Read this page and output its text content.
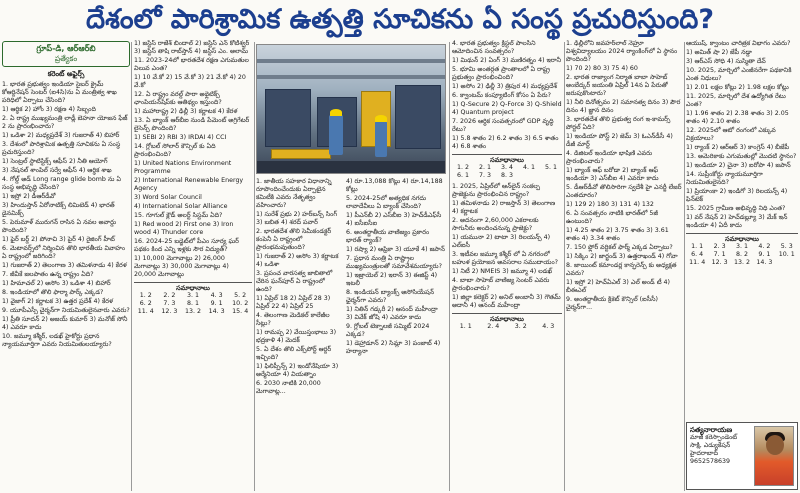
దేశంలో పారిశ్రామిక ఉత్పత్తి సూచికను ఏ సంస్థ ప్రచురిస్తుంది?
గ్రూప్‌-డి, ఆర్‌ఆర్‌బి
ప్రత్యేకం
కరెంట్‌ అఫైర్స్‌

1. భారత ప్రభుత్వం ఇండియా సైబర్ క్రైమ్ కోఆర్డినేషన్ సెంటర్ (ఐ4సి)ను ఏ మంత్రిత్వ శాఖ పరిధిలో ఏర్పాటు చేసింది?

1) ఆర్థిక 2) హోం 3) రక్షణ 4) సిబ్బంది

2. ఏ రాష్ట్ర ముఖ్యమంత్రి లాడ్లీ బెహనా యోజన ఫేజ్‌ 2 ను ప్రారంభించారు?

1) ఒడిశా 2) మధ్యప్రదేశ్‌ 3) గుజరాత్‌ 4) బిహార్‌

3. దేశంలో పారిశ్రామిక ఉత్పత్తి సూచికను ఏ సంస్థ ప్రచురిస్తుంది?

1) సెంట్రల్‌ స్టాటిస్టిక్స్‌ ఆఫీస్‌ 2) నీతి ఆయోగ్‌

3) నేషనల్‌ శాంపిల్‌ సర్వే ఆఫీస్‌ 4) ఆర్థిక శాఖ

4. గోల్డ్‌ అడ్‌ Long range glide bomb ను ఏ సంస్థ అభివృద్ధి చేసింది?

1) ఇస్రో 2) డీఆర్‌డీవో

3) హిందుస్తాన్‌ ఏరోనాటిక్స్‌ లిమిటెడ్‌ 4) భారత్‌ డైనమిక్స్‌

5. పెరుమాళ్‌ మురుగన్‌ రాసిన ఏ నవల అవార్డు పొందింది?

1) ఫైర్‌ బర్డ్‌ 2) పోనాచి 3) పైర్‌ 4) రైజింగ్‌ హీట్‌

6. మెటావర్స్‌లో నిర్మించిన తొలి భారతీయ వివాహం ఏ రాష్ట్రంలో జరిగింది?

1) గుజరాత్‌ 2) తెలంగాణ 3) తమిళనాడు 4) కేరళ

7. జీవీకే జలపాతం ఉన్న రాష్ట్రం ఏది?

1) హిమాచల్‌ 2) అసోం 3) ఒడిశా 4) బిహార్‌

8. ఇండియాలో తొలి ఫార్మా పార్క్ ఎక్కడ?

1) వైజాగ్‌ 2) కర్ణాటక 3) ఉత్తర ప్రదేశ్‌ 4) కేరళ

9. యూపీఎస్సీ చైర్మన్‌గా నియమితులైనవారు ఎవరు?

1) ప్రీతి సూదన్‌ 2) అజయ్ కుమార్‌ 3) మనోజ్ సోనీ 4) ఎవరూ కాదు

10. జమ్మూ కశ్మీర్‌, లడఖ్‌ హైకోర్టు ప్రధాన న్యాయమూర్తిగా ఎవరు నియమితులయ్యారు?

1) జస్టిస్‌ రాజేశ్‌ బిందాల్‌ 2) జస్టిస్‌ ఎన్‌ కోటీశ్వర్‌ 3) జస్టిస్‌ తాషి రాబ్‌స్తాన్‌ 4) జస్టిస్‌ ఎం. అలామ్‌

11. 2023-24లో భారతదేశ రక్షణ ఎగుమతుల విలువ ఎంత?

1) 10 వే.కో 2) 15 వే.కో 3) 21 వే.కో 4) 20 వే.కో

12. ఏ రాష్ట్రం వరల్డ్‌ పారా అథ్లెటిక్స్‌ ఛాంపియన్‌షిప్‌కు ఆతిథ్యం ఇస్తుంది?

1) మహారాష్ట్ర 2) ఢిల్లీ 3) కర్ణాటక 4) కేరళ

13. ఏ బ్యాంక్‌ ఆర్‌బీఐ నుండి పేమెంట్‌ అగ్రిగేటర్‌ లైసెన్స్‌ పొందింది?

1) SEBI 2) RBI 3) IRDAI 4) CCI

14. గ్లోబల్‌ సోలార్‌ కౌన్సిల్‌ కు ఏది ప్రారంభించింది?

1) United Nations Environment Programme

2) International Renewable Energy Agency

3) Word Solar Council

4) International Solar Alliance

15. గూగుల్‌ క్లౌడ్‌ అలర్ట్‌ సిస్టమ్‌ ఏది?

1) Red wood 2) First one 3) Iron wood 4) Thunder core

16. 2024-25 బడ్జెట్‌లో పీఎం సూర్య ఘర్‌ పథకం కింద ఎన్ని ఇళ్లకు సౌర విద్యుత్‌?

1) 10,000 మెగావాట్లు 2) 26,000 మెగావాట్లు 3) 30,000 మెగావాట్లు 4) 20,000 మెగావాట్లు

సమాధానాలు
1. 2	2. 2	3. 1	4. 3	5. 2
6. 2	7. 3	8. 1	9. 1	10. 2
11. 4	12. 3	13. 2	14. 3	15. 4

1. జాతీయ సహకార విధానాన్ని రూపొందించేందుకు ఏర్పాటైన కమిటీకి ఎవరు నేతృత్వం వహించారు?

1) సురేశ్‌ ప్రభు 2) హర్‌బన్స్‌ సింగ్‌ 3) బబిత 4) శరద్‌ పవార్‌

2. భారతదేశ తొలి సెమీకండక్టర్ కంపెనీ ఏ రాష్ట్రంలో ప్రారంభమవుతుంది?

1) గుజరాత్‌ 2) అసోం 3) కర్ణాటక 4) ఒడిశా

3. ప్రపంచ వారసత్వ జాబితాలో చేరిన ఘన్‌పూర్‌ ఏ రాష్ట్రంలో ఉంది?

1) ఏప్రిల్‌ 18 2) ఏప్రిల్‌ 28 3) ఏప్రిల్‌ 22 4) ఏప్రిల్‌ 25

4. తెలంగాణ మెడికల్‌ కాలేజీల సీట్లు?

1) రామప్ప 2) వేయిస్తంభాలు 3) భద్రకాళి 4) మెదక్‌

5. ఏ దేశం తొలి ఎక్స్‌పోర్ట్‌ ఆర్డర్‌ ఇచ్చింది?

1) ఫిలిప్పీన్స్‌ 2) ఇండోనేషియా 3) అర్మేనియా 4) వియత్నాం

6. 2030 నాటికి 20,000 మెగావాట్ల...

4) రూ.13,088 కోట్లు 4) రూ.14,188 కోట్లు

5. 2024-25లో అత్యధిక నగదు లావాదేవీలు ఏ బ్యాంక్‌ చేసింది?

1) పీఎన్‌బీ 2) ఎస్‌బీఐ 3) హెచ్‌డీఎఫ్‌సీ 4) ఐసీఐసీఐ

6. అంతర్జాతీయ వాణిజ్యం ప్రకారం భారత్‌ ర్యాంక్‌?

1) రష్యా 2) ఆఫ్రికా 3) యూకే 4) జపాన్‌

7. ప్రధాన మంత్రి ఏ రాష్ట్రాల ముఖ్యమంత్రులతో సమావేశమయ్యారు?

1) ఇజ్రాయెల్‌ 2) ఇరాన్‌ 3) ఈజిప్ట్‌ 4) ఇటలీ

8. ఇండియన్ బ్యాంక్స్‌ అసోసియేషన్‌ ఛైర్మన్‌గా ఎవరు?

1) నితిన్‌ గడ్కరీ 2) ఆనంద్ మహీంద్రా 3) వివేక్‌ జోషి 4) ఎవరూ కాదు

9. గ్లోబల్‌ టెక్నాలజీ సమ్మిట్‌ 2024 ఎక్కడ?

1) డెహ్రాడూన్‌ 2) సిమ్లా 3) పంజాబ్‌ 4) హర్యానా

4. భారత ప్రభుత్వం క్రిస్టల్‌ పాలసీని ఆమోదించిన సంవత్సరం?

1) మిథున్‌ 2) ఏంగ్‌ 3) మణిరత్నం 4) ఇరానీ

5. భూమి అంతర్గత ప్రాంతాలలో ఏ రాష్ట్ర ప్రభుత్వం ప్రారంభించింది?

1) అసోం 2) ఢిల్లీ 3) త్రిపుర 4) మధ్యప్రదేశ్‌

6. క్వాంటమ్‌ కంప్యూటింగ్‌ కోసం ఏ పేరు?

1) Q-Secure 2) Q-Force 3) Q-Shield 4) Quantum project

7. 2026 ఆర్థిక సంవత్సరంలో GDP వృద్ధి రేటు?

1) 5.8 శాతం 2) 6.2 శాతం 3) 6.5 శాతం 4) 6.8 శాతం

సమాధానాలు
1. 2	2. 1	3. 4	4. 1	5. 1
6. 1	7. 3	8. 3		

1. 2025, ఏప్రిల్‌లో ఆన్‌లైన్‌ సంకల్ప ప్రాజెక్టును ప్రారంభించిన రాష్ట్రం?

1) తమిళనాడు 2) రాజస్తాన్‌ 3) తెలంగాణ 4) కర్ణాటక

2. అదనంగా 2,60,000 ఎకరాలకు సాగునీరు అందించనున్న ప్రాజెక్టు?

1) యమునా 2) టాటా 3) రిలయన్స్‌ 4) ఎల్‌ఐసీ

3. ఇటీవల జమ్మూ కశ్మీర్‌ లో ఏ నగరంలో బహుళ ప్రయోజన అవసరాల సముదాయం?

1) నిటీ 2) NMEIS 3) జమ్మూ 4) లడఖ్‌

4. బాబా సాహెబ్‌ వాణిజ్య సెంటర్ ఎవరు ప్రారంభించారు?

1) జిల్లా కలెక్టర్‌ 2) అనిల్‌ అంబానీ 3) గౌతమ్‌ అదానీ 4) ఆనంద్‌ మహీంద్రా

సమాధానాలు
1. 1	2. 4	3. 2	4. 3

1. ఢిల్లీలోని జవహర్‌లాల్‌ నెహ్రూ విశ్వవిద్యాలయం 2024 ర్యాంకింగ్‌లో ఏ స్థానం పొందింది?

1) 70 2) 80 3) 75 4) 60

2. భారత రాజ్యాంగ నిర్మాత బాబా సాహెబ్‌ అంబేద్కర్‌ జయంతి ఏప్రిల్‌ 14న ఏ పేరుతో జరుపుకొంటారు?

1) నీలి దినోత్సవం 2) సమానత్వ దినం 3) పౌర దినం 4) జ్ఞాన దినం

3. భారతదేశ తొలి ప్రభుత్వ రంగ ఇ-కామర్స్‌ పోర్టల్‌ ఏది?

1) ఇండియా పోస్ట్‌ 2) జెమ్‌ 3) ఓఎన్‌డీసీ 4) డీజీ మార్ట్‌

4. డిజిటల్‌ ఇండియా భాషిణి ఎవరు ప్రారంభించారు?

1) బ్యాంక్‌ ఆఫ్‌ బరోడా 2) బ్యాంక్‌ ఆఫ్‌ ఇండియా 3) ఎస్‌బీఐ 4) ఎవరూ కాదు

5. డీఆర్‌డీవో తొలిసారిగా స్వదేశీ హై ఎనర్జీ లేజర్‌ ఎంతదూరం?

1) 129 2) 180 3) 131 4) 132

6. ఏ సంవత్సరం నాటికి భారత్‌లో 5జీ ఉంటుంది?

1) 4.25 శాతం 2) 3.75 శాతం 3) 3.61 శాతం 4) 3.34 శాతం

7. 150 ఫ్లోర్‌ వర్టికల్‌ ఫార్మ్‌ ఎక్కడ ఏర్పాటు?

1) సిక్కిం 2) జార్ఖండ్‌ 3) ఉత్తరాఖండ్‌ 4) గోవా

8. జాయింట్‌ కమాండర్ల కాన్ఫరెన్స్ కు అధ్యక్షత ఎవరు?

1) ఇస్రో 2) హెచ్‌ఏఎల్‌ 3) ఎల్‌ అండ్‌ టీ 4) బీఈఎల్‌

9. అంతర్జాతీయ క్రికెట్‌ కౌన్సిల్‌ (ఐసీసీ) చైర్మన్‌గా...

ఆయుష్‌, క్వాంటం చారిత్రక విభాగం ఎవరు?

1) అమిత్‌ షా 2) జేపీ నడ్డా

3) ఆర్‌ఎస్‌ సోధి 4) సుస్మితా దేవ్‌

10. 2025, మార్చిలో ఎంజీనరేగా పథకానికి ఎంత నిధులు?

1) 2.01 లక్షల కోట్లు 2) 1.98 లక్షల కోట్లు

11. 2025, మార్చిలో దేశ ఉద్యోగిత రేటు ఎంత?

1) 1.96 శాతం 2) 2.38 శాతం 3) 2.05 శాతం 4) 2.10 శాతం

12. 2025లో ఆటో రంగంలో ఎక్కువ విక్రయాలు?

1) ర్యాంక్‌ 2) ఆర్‌ఆర్‌ 3) కాంగ్రెస్‌ 4) బీజేపీ

13. అమెరికాకు ఎగుమతుల్లో మొదటి స్థానం?

1) ఇండియా 2) చైనా 3) ఐరోపా 4) జపాన్‌

14. సుప్రీంకోర్టు న్యాయమూర్తిగా నియమితులైనది?

1) ప్రియాంకా 2) ఇండిగో 3) రిలయన్స్‌ 4) ఫిన్‌టెక్‌

15. 2025 గ్రామీణ అభివృద్ధి నిధి ఎంత?

1) వర్‌ నేషన్‌ 2) హెచ్‌డబ్ల్యూ 3) మేక్‌ ఇన్‌ ఇండియా 4) ఏదీ కాదు

సమాధానాలు
1. 1	2. 3	3. 1	4. 2	5. 3
6. 4	7. 1	8. 2	9. 1	10. 1
11. 4	12. 3	13. 2	14. 3	
సత్యనారాయణ
మాజీ కరెస్పాండెంట్
సాక్షి, ఎడ్యుకేషన్‌
హైదరాబాద్‌
9652578639
